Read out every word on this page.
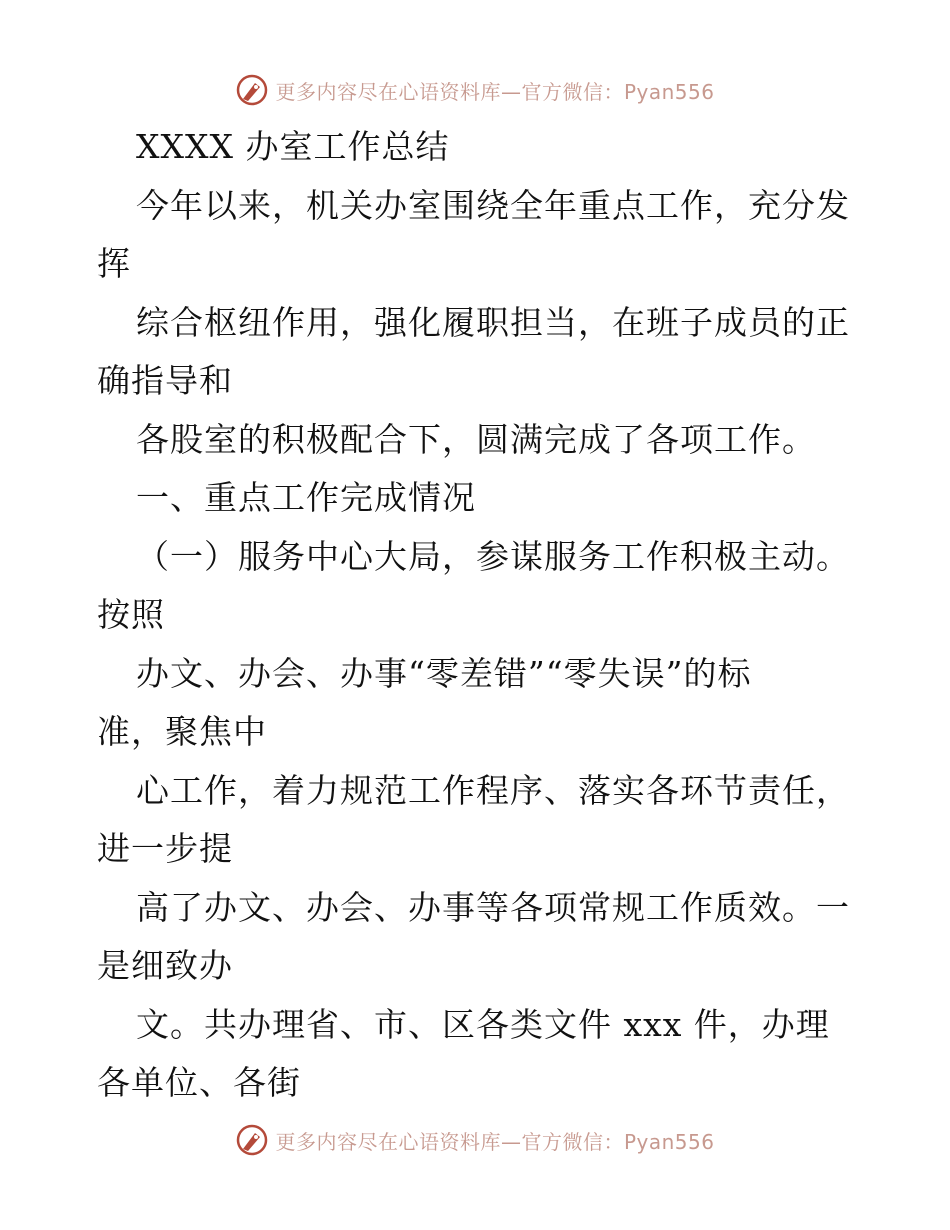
更多内容尽在心语资料库—官方微信：Pyan556
XXXX 办室工作总结
今年以来，机关办室围绕全年重点工作，充分发
挥
综合枢纽作用，强化履职担当，在班子成员的正
确指导和
各股室的积极配合下，圆满完成了各项工作。
一、重点工作完成情况
（一）服务中心大局，参谋服务工作积极主动。
按照
办文、办会、办事“零差错”“零失误”的标
准，聚焦中
心工作，着力规范工作程序、落实各环节责任，
进一步提
高了办文、办会、办事等各项常规工作质效。一
是细致办
文。共办理省、市、区各类文件 xxx 件，办理
各单位、各街
更多内容尽在心语资料库—官方微信：Pyan556
